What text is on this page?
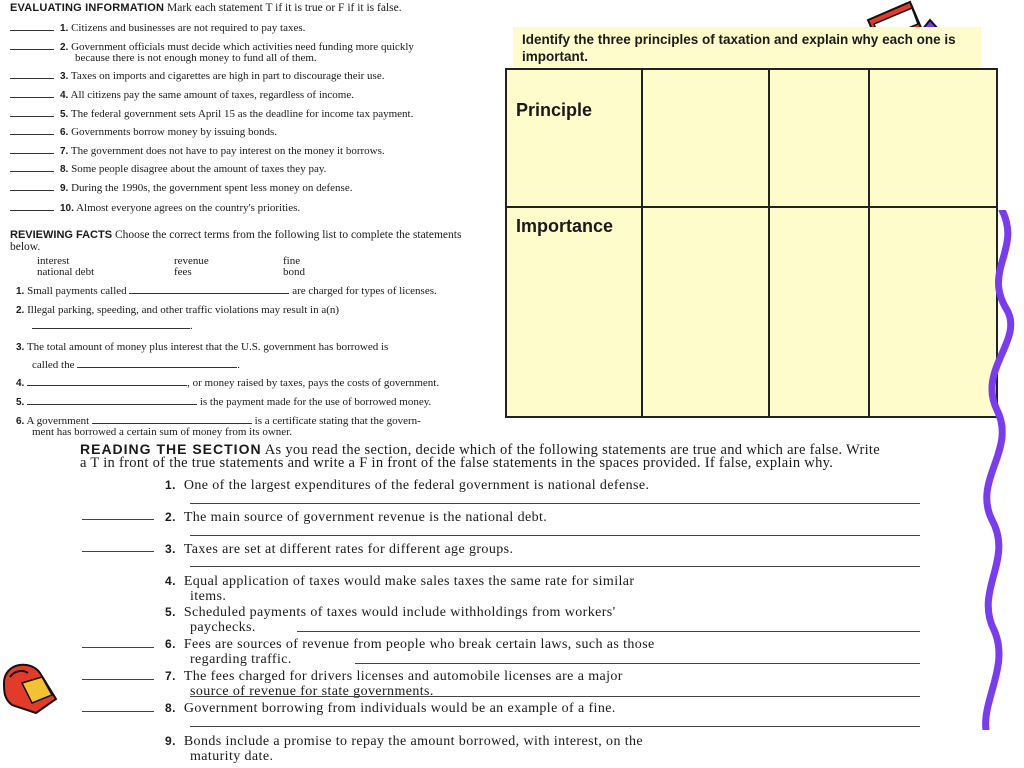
EVALUATING INFORMATION Mark each statement T if it is true or F if it is false.
1. Citizens and businesses are not required to pay taxes.
2. Government officials must decide which activities need funding more quickly
because there is not enough money to fund all of them.
3. Taxes on imports and cigarettes are high in part to discourage their use.
4. All citizens pay the same amount of taxes, regardless of income.
5. The federal government sets April 15 as the deadline for income tax payment.
6. Governments borrow money by issuing bonds.
7. The government does not have to pay interest on the money it borrows.
8. Some people disagree about the amount of taxes they pay.
9. During the 1990s, the government spent less money on defense.
10. Almost everyone agrees on the country's priorities.
REVIEWING FACTS Choose the correct terms from the following list to complete the statements below.
interest	revenue	fine
national debt	fees	bond
1. Small payments called	are charged for types of licenses.
2. Illegal parking, speeding, and other traffic violations may result in a(n)
.
3. The total amount of money plus interest that the U.S. government has borrowed is
called the	.
4.	, or money raised by taxes, pays the costs of government.
5.	is the payment made for the use of borrowed money.
6. A government	is a certificate stating that the govern-
ment has borrowed a certain sum of money from its owner.
Identify the three principles of taxation and explain why each one is important.
Principle			
Importance			
READING THE SECTION As you read the section, decide which of the following statements are true and which are false. Write a T in front of the true statements and write a F in front of the false statements in the spaces provided. If false, explain why.
1. One of the largest expenditures of the federal government is national defense.
2. The main source of government revenue is the national debt.
3. Taxes are set at different rates for different age groups.
4. Equal application of taxes would make sales taxes the same rate for similar
items.
5. Scheduled payments of taxes would include withholdings from workers'
paychecks.
6. Fees are sources of revenue from people who break certain laws, such as those
regarding traffic.
7. The fees charged for drivers licenses and automobile licenses are a major
source of revenue for state governments.
8. Government borrowing from individuals would be an example of a fine.
9. Bonds include a promise to repay the amount borrowed, with interest, on the
maturity date.
